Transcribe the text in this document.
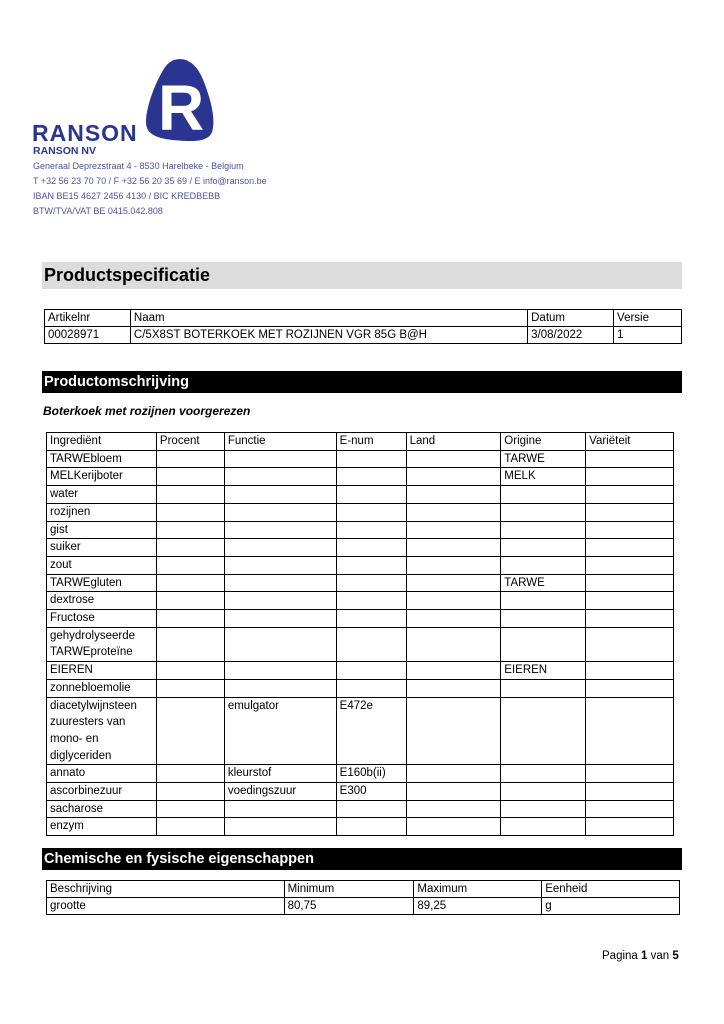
RANSON R
RANSON NV
Generaal Deprezstraat 4 - 8530 Harelbeke - Belgium
T +32 56 23 70 70 / F +32 56 20 35 69 / E info@ranson.be
IBAN BE15 4627 2456 4130 / BIC KREDBEBB
BTW/TVA/VAT BE 0415.042.808
Productspecificatie
Artikelnr	Naam	Datum	Versie
00028971	C/5X8ST BOTERKOEK MET ROZIJNEN VGR 85G B@H	3/08/2022	1
Productomschrijving
Boterkoek met rozijnen voorgerezen
Ingrediënt	Procent	Functie	E-num	Land	Origine	Variëteit
TARWEbloem					TARWE	
MELKerijboter					MELK	
water						
rozijnen						
gist						
suiker						
zout						
TARWEgluten					TARWE	
dextrose						
Fructose						
gehydrolyseerde TARWEproteïne						
EIEREN					EIEREN	
zonnebloemolie						
diacetylwijnsteen zuuresters van mono- en diglyceriden		emulgator	E472e			
annato		kleurstof	E160b(ii)			
ascorbinezuur		voedingszuur	E300			
sacharose						
enzym						
Chemische en fysische eigenschappen
Beschrijving	Minimum	Maximum	Eenheid
grootte	80,75	89,25	g
Pagina 1 van 5
